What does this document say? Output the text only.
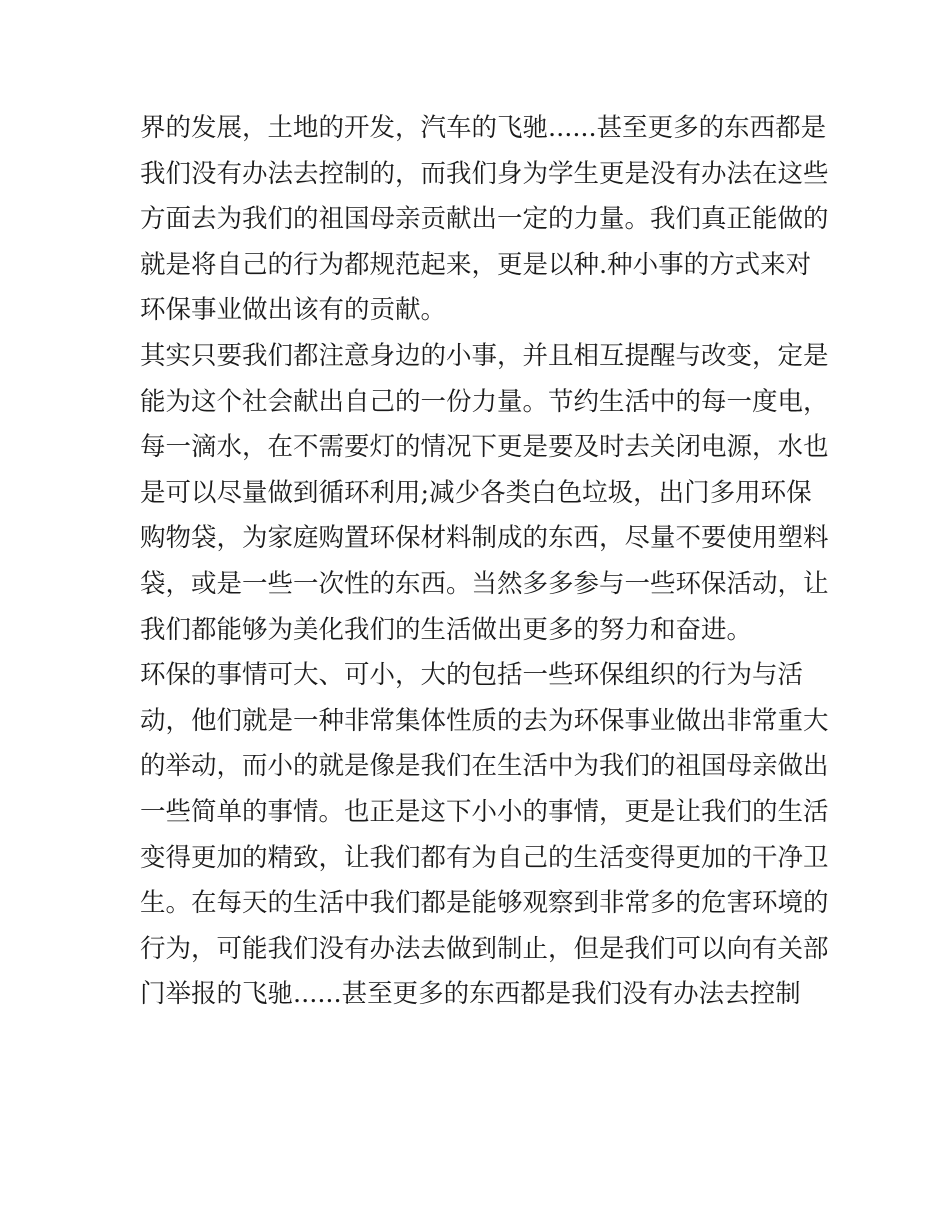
界的发展，土地的开发，汽车的飞驰......甚至更多的东西都是
我们没有办法去控制的，而我们身为学生更是没有办法在这些
方面去为我们的祖国母亲贡献出一定的力量。我们真正能做的
就是将自己的行为都规范起来，更是以种.种小事的方式来对
环保事业做出该有的贡献。
其实只要我们都注意身边的小事，并且相互提醒与改变，定是
能为这个社会献出自己的一份力量。节约生活中的每一度电，
每一滴水，在不需要灯的情况下更是要及时去关闭电源，水也
是可以尽量做到循环利用;减少各类白色垃圾，出门多用环保
购物袋，为家庭购置环保材料制成的东西，尽量不要使用塑料
袋，或是一些一次性的东西。当然多多参与一些环保活动，让
我们都能够为美化我们的生活做出更多的努力和奋进。
环保的事情可大、可小，大的包括一些环保组织的行为与活
动，他们就是一种非常集体性质的去为环保事业做出非常重大
的举动，而小的就是像是我们在生活中为我们的祖国母亲做出
一些简单的事情。也正是这下小小的事情，更是让我们的生活
变得更加的精致，让我们都有为自己的生活变得更加的干净卫
生。在每天的生活中我们都是能够观察到非常多的危害环境的
行为，可能我们没有办法去做到制止，但是我们可以向有关部
门举报的飞驰......甚至更多的东西都是我们没有办法去控制
